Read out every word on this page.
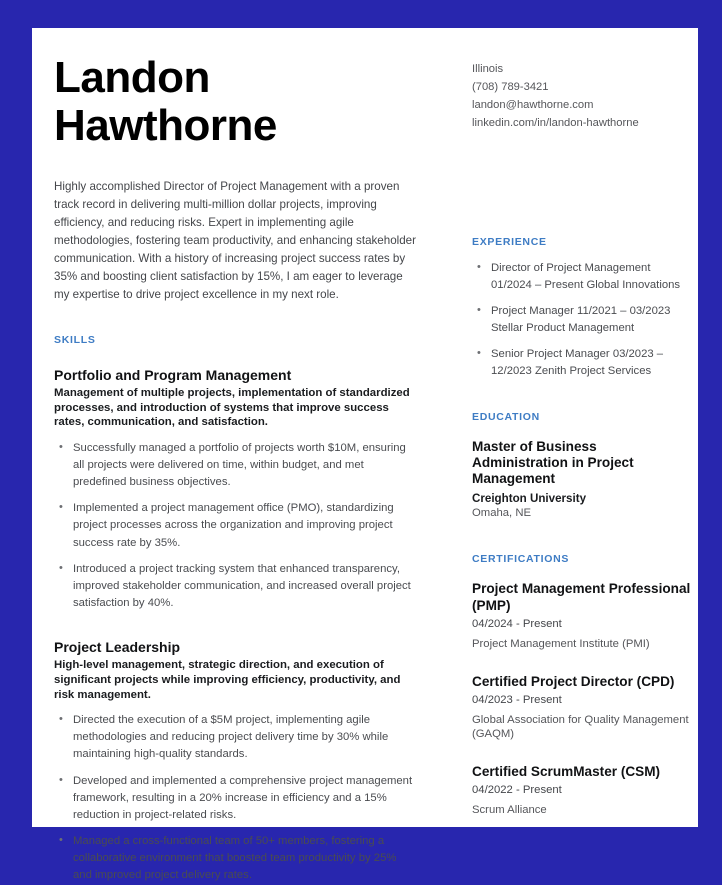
Landon Hawthorne
Illinois
(708) 789-3421
landon@hawthorne.com
linkedin.com/in/landon-hawthorne
Highly accomplished Director of Project Management with a proven track record in delivering multi-million dollar projects, improving efficiency, and reducing risks. Expert in implementing agile methodologies, fostering team productivity, and enhancing stakeholder communication. With a history of increasing project success rates by 35% and boosting client satisfaction by 15%, I am eager to leverage my expertise to drive project excellence in my next role.
SKILLS
Portfolio and Program Management
Management of multiple projects, implementation of standardized processes, and introduction of systems that improve success rates, communication, and satisfaction.
• Successfully managed a portfolio of projects worth $10M, ensuring all projects were delivered on time, within budget, and met predefined business objectives.
• Implemented a project management office (PMO), standardizing project processes across the organization and improving project success rate by 35%.
• Introduced a project tracking system that enhanced transparency, improved stakeholder communication, and increased overall project satisfaction by 40%.
Project Leadership
High-level management, strategic direction, and execution of significant projects while improving efficiency, productivity, and risk management.
• Directed the execution of a $5M project, implementing agile methodologies and reducing project delivery time by 30% while maintaining high-quality standards.
• Developed and implemented a comprehensive project management framework, resulting in a 20% increase in efficiency and a 15% reduction in project-related risks.
• Managed a cross-functional team of 50+ members, fostering a collaborative environment that boosted team productivity by 25% and improved project delivery rates.
EXPERIENCE
• Director of Project Management 01/2024 – Present Global Innovations
• Project Manager 11/2021 – 03/2023 Stellar Product Management
• Senior Project Manager 03/2023 – 12/2023 Zenith Project Services
EDUCATION
Master of Business Administration in Project Management
Creighton University
Omaha, NE
CERTIFICATIONS
Project Management Professional (PMP)
04/2024 - Present
Project Management Institute (PMI)
Certified Project Director (CPD)
04/2023 - Present
Global Association for Quality Management (GAQM)
Certified ScrumMaster (CSM)
04/2022 - Present
Scrum Alliance
